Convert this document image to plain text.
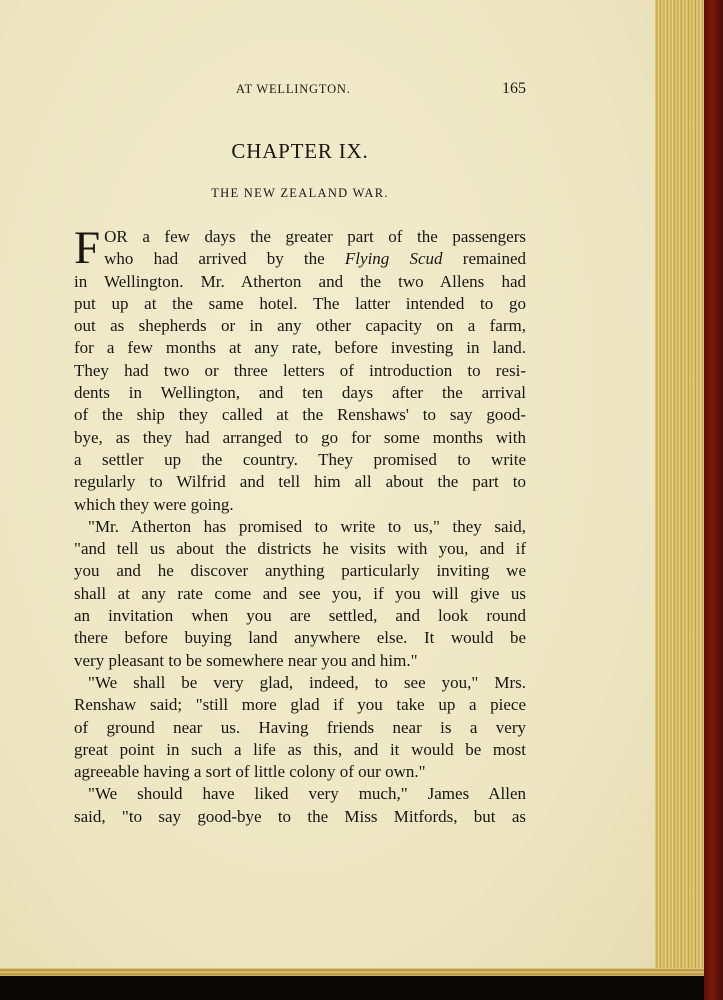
AT WELLINGTON.	165
CHAPTER IX.
THE NEW ZEALAND WAR.
F OR a few days the greater part of the passengers
who had arrived by the Flying Scud remained
in Wellington. Mr. Atherton and the two Allens had
put up at the same hotel. The latter intended to go
out as shepherds or in any other capacity on a farm,
for a few months at any rate, before investing in land.
They had two or three letters of introduction to resi-
dents in Wellington, and ten days after the arrival
of the ship they called at the Renshaws' to say good-
bye, as they had arranged to go for some months with
a settler up the country. They promised to write
regularly to Wilfrid and tell him all about the part to
which they were going.
"Mr. Atherton has promised to write to us," they said,
"and tell us about the districts he visits with you, and if
you and he discover anything particularly inviting we
shall at any rate come and see you, if you will give us
an invitation when you are settled, and look round
there before buying land anywhere else. It would be
very pleasant to be somewhere near you and him."
"We shall be very glad, indeed, to see you," Mrs.
Renshaw said; "still more glad if you take up a piece
of ground near us. Having friends near is a very
great point in such a life as this, and it would be most
agreeable having a sort of little colony of our own."
"We should have liked very much," James Allen
said, "to say good-bye to the Miss Mitfords, but as
